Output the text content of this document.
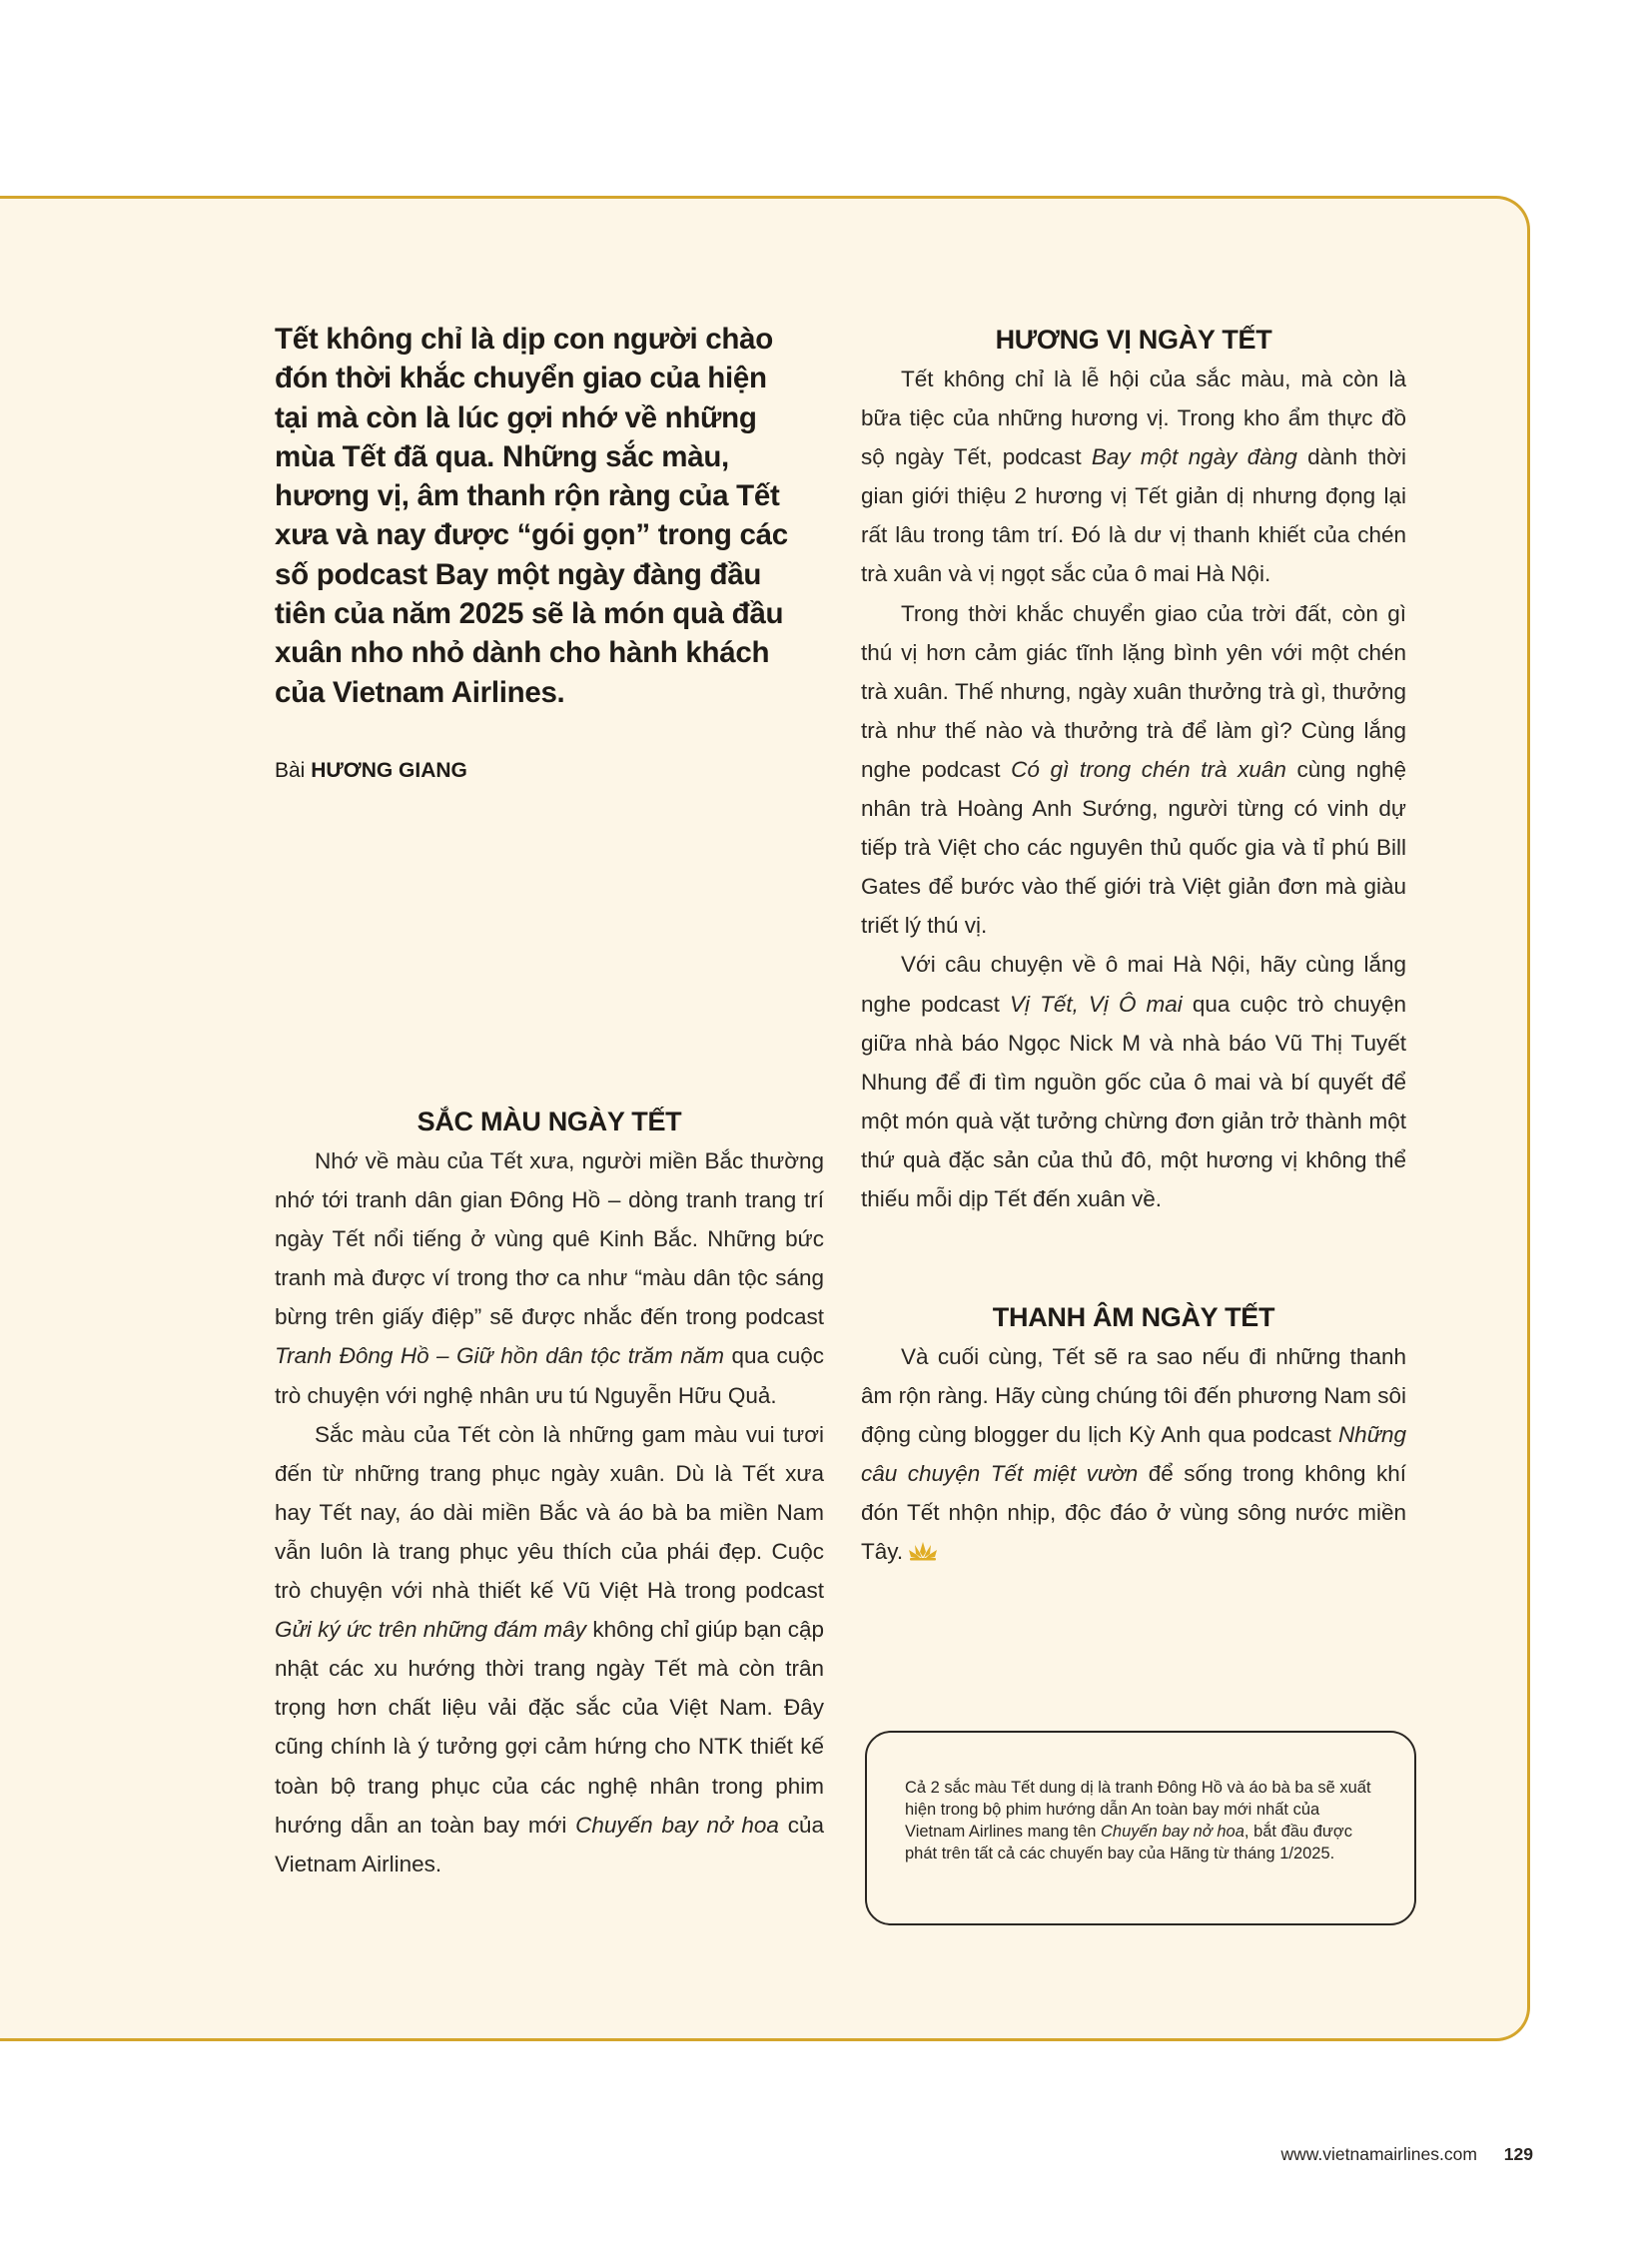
Tết không chỉ là dịp con người chào đón thời khắc chuyển giao của hiện tại mà còn là lúc gợi nhớ về những mùa Tết đã qua. Những sắc màu, hương vị, âm thanh rộn ràng của Tết xưa và nay được “gói gọn” trong các số podcast Bay một ngày đàng đầu tiên của năm 2025 sẽ là món quà đầu xuân nho nhỏ dành cho hành khách của Vietnam Airlines.
Bài HƯƠNG GIANG
SẮC MÀU NGÀY TẾT

Nhớ về màu của Tết xưa, người miền Bắc thường nhớ tới tranh dân gian Đông Hồ – dòng tranh trang trí ngày Tết nổi tiếng ở vùng quê Kinh Bắc. Những bức tranh mà được ví trong thơ ca như “màu dân tộc sáng bừng trên giấy điệp” sẽ được nhắc đến trong podcast Tranh Đông Hồ – Giữ hồn dân tộc trăm năm qua cuộc trò chuyện với nghệ nhân ưu tú Nguyễn Hữu Quả.

Sắc màu của Tết còn là những gam màu vui tươi đến từ những trang phục ngày xuân. Dù là Tết xưa hay Tết nay, áo dài miền Bắc và áo bà ba miền Nam vẫn luôn là trang phục yêu thích của phái đẹp. Cuộc trò chuyện với nhà thiết kế Vũ Việt Hà trong podcast Gửi ký ức trên những đám mây không chỉ giúp bạn cập nhật các xu hướng thời trang ngày Tết mà còn trân trọng hơn chất liệu vải đặc sắc của Việt Nam. Đây cũng chính là ý tưởng gợi cảm hứng cho NTK thiết kế toàn bộ trang phục của các nghệ nhân trong phim hướng dẫn an toàn bay mới Chuyến bay nở hoa của Vietnam Airlines.

HƯƠNG VỊ NGÀY TẾT

Tết không chỉ là lễ hội của sắc màu, mà còn là bữa tiệc của những hương vị. Trong kho ẩm thực đồ sộ ngày Tết, podcast Bay một ngày đàng dành thời gian giới thiệu 2 hương vị Tết giản dị nhưng đọng lại rất lâu trong tâm trí. Đó là dư vị thanh khiết của chén trà xuân và vị ngọt sắc của ô mai Hà Nội.

Trong thời khắc chuyển giao của trời đất, còn gì thú vị hơn cảm giác tĩnh lặng bình yên với một chén trà xuân. Thế nhưng, ngày xuân thưởng trà gì, thưởng trà như thế nào và thưởng trà để làm gì? Cùng lắng nghe podcast Có gì trong chén trà xuân cùng nghệ nhân trà Hoàng Anh Sướng, người từng có vinh dự tiếp trà Việt cho các nguyên thủ quốc gia và tỉ phú Bill Gates để bước vào thế giới trà Việt giản đơn mà giàu triết lý thú vị.

Với câu chuyện về ô mai Hà Nội, hãy cùng lắng nghe podcast Vị Tết, Vị Ô mai qua cuộc trò chuyện giữa nhà báo Ngọc Nick M và nhà báo Vũ Thị Tuyết Nhung để đi tìm nguồn gốc của ô mai và bí quyết để một món quà vặt tưởng chừng đơn giản trở thành một thứ quà đặc sản của thủ đô, một hương vị không thể thiếu mỗi dịp Tết đến xuân về.

THANH ÂM NGÀY TẾT

Và cuối cùng, Tết sẽ ra sao nếu đi những thanh âm rộn ràng. Hãy cùng chúng tôi đến phương Nam sôi động cùng blogger du lịch Kỳ Anh qua podcast Những câu chuyện Tết miệt vườn để sống trong không khí đón Tết nhộn nhịp, độc đáo ở vùng sông nước miền Tây.

Cả 2 sắc màu Tết dung dị là tranh Đông Hồ và áo bà ba sẽ xuất hiện trong bộ phim hướng dẫn An toàn bay mới nhất của Vietnam Airlines mang tên Chuyến bay nở hoa, bắt đầu được phát trên tất cả các chuyến bay của Hãng từ tháng 1/2025.
www.vietnamairlines.com 129
